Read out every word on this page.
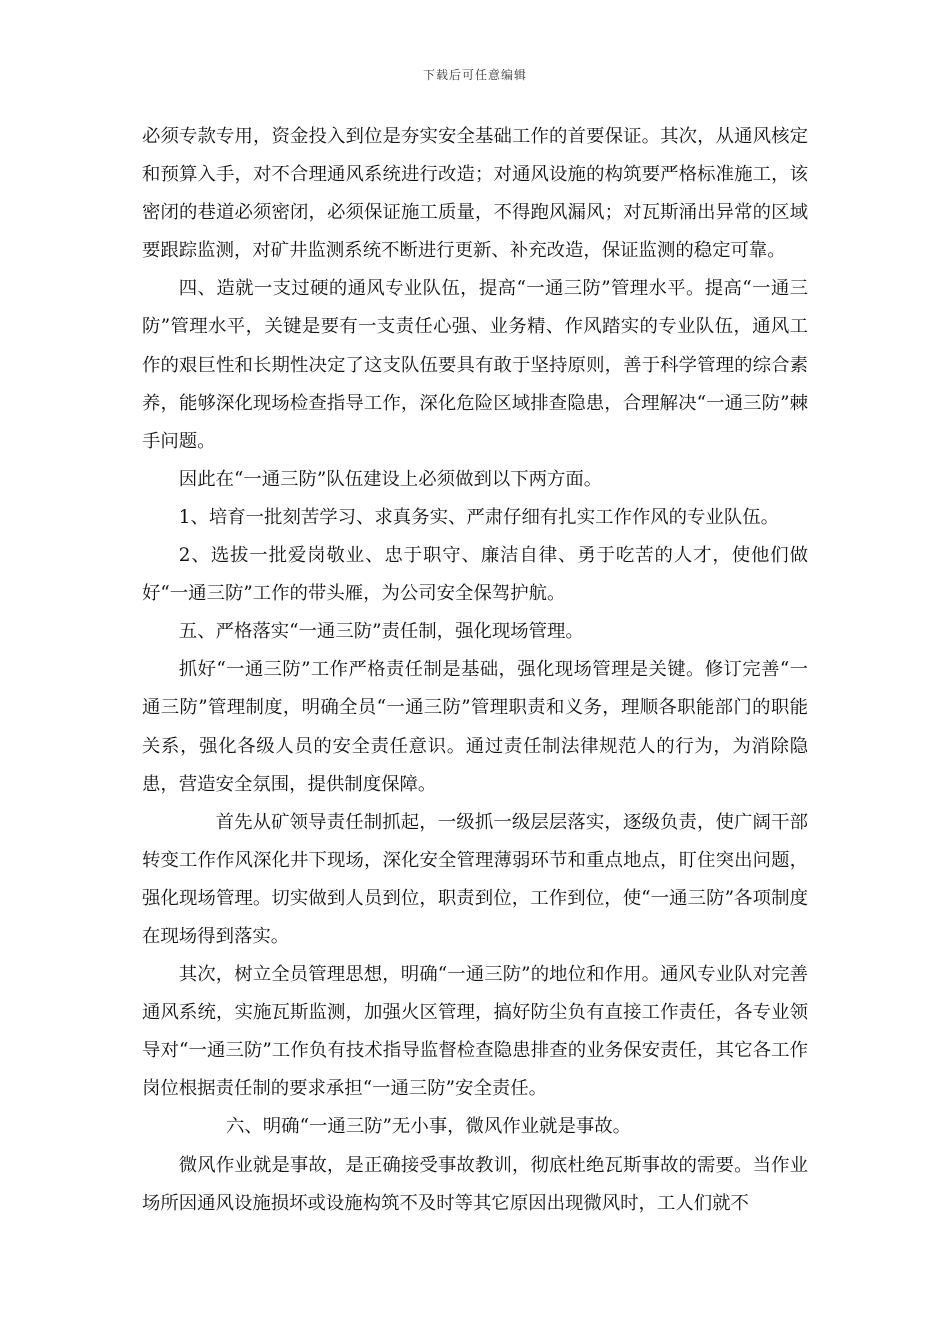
下载后可任意编辑

必须专款专用，资金投入到位是夯实安全基础工作的首要保证。其次，从通风核定和预算入手，对不合理通风系统进行改造；对通风设施的构筑要严格标准施工，该密闭的巷道必须密闭，必须保证施工质量，不得跑风漏风；对瓦斯涌出异常的区域要跟踪监测，对矿井监测系统不断进行更新、补充改造，保证监测的稳定可靠。

四、造就一支过硬的通风专业队伍，提高“一通三防”管理水平。提高“一通三防”管理水平，关键是要有一支责任心强、业务精、作风踏实的专业队伍，通风工作的艰巨性和长期性决定了这支队伍要具有敢于坚持原则，善于科学管理的综合素养，能够深化现场检查指导工作，深化危险区域排查隐患，合理解决“一通三防”棘手问题。

因此在“一通三防”队伍建设上必须做到以下两方面。

1、培育一批刻苦学习、求真务实、严肃仔细有扎实工作作风的专业队伍。

2、选拔一批爱岗敬业、忠于职守、廉洁自律、勇于吃苦的人才，使他们做好“一通三防”工作的带头雁，为公司安全保驾护航。

五、严格落实“一通三防”责任制，强化现场管理。

抓好“一通三防”工作严格责任制是基础，强化现场管理是关键。修订完善“一通三防”管理制度，明确全员“一通三防”管理职责和义务，理顺各职能部门的职能关系，强化各级人员的安全责任意识。通过责任制法律规范人的行为，为消除隐患，营造安全氛围，提供制度保障。

首先从矿领导责任制抓起，一级抓一级层层落实，逐级负责，使广阔干部转变工作作风深化井下现场，深化安全管理薄弱环节和重点地点，盯住突出问题，强化现场管理。切实做到人员到位，职责到位，工作到位，使“一通三防”各项制度在现场得到落实。

其次，树立全员管理思想，明确“一通三防”的地位和作用。通风专业队对完善通风系统，实施瓦斯监测，加强火区管理，搞好防尘负有直接工作责任，各专业领导对“一通三防”工作负有技术指导监督检查隐患排查的业务保安责任，其它各工作岗位根据责任制的要求承担“一通三防”安全责任。

六、明确“一通三防”无小事，微风作业就是事故。

微风作业就是事故，是正确接受事故教训，彻底杜绝瓦斯事故的需要。当作业场所因通风设施损坏或设施构筑不及时等其它原因出现微风时，工人们就不
